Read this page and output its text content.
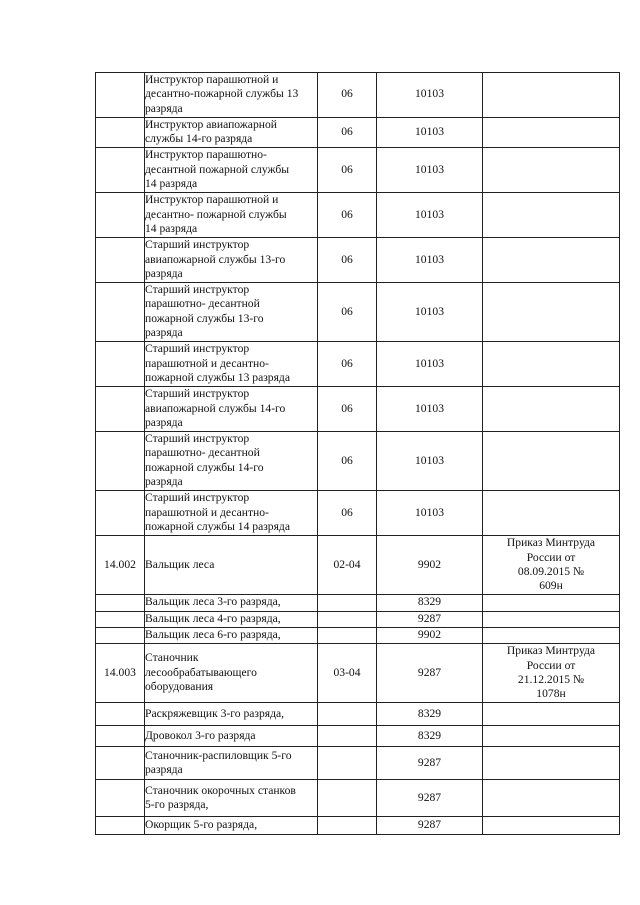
	Инструктор парашютной и
десантно-пожарной службы 13
разряда	06	10103	

	Инструктор авиапожарной
службы 14-го разряда	06	10103	

	Инструктор парашютно-
десантной пожарной службы
14 разряда	06	10103	

	Инструктор парашютной и
десантно- пожарной службы
14 разряда	06	10103	

	Старший инструктор
авиапожарной службы 13-го
разряда	06	10103	

	Старший инструктор
парашютно- десантной
пожарной службы 13-го
разряда	06	10103	

	Старший инструктор
парашютной и десантно-
пожарной службы 13 разряда	06	10103	

	Старший инструктор
авиапожарной службы 14-го
разряда	06	10103	

	Старший инструктор
парашютно- десантной
пожарной службы 14-го
разряда	06	10103	

	Старший инструктор
парашютной и десантно-
пожарной службы 14 разряда	06	10103	

14.002	Вальщик леса	02-04	9902	Приказ Минтруда
России от
08.09.2015 №
609н

	Вальщик леса 3-го разряда,		8329	

	Вальщик леса 4-го разряда,		9287	

	Вальщик леса 6-го разряда,		9902	

14.003	Станочник
лесообрабатывающего
оборудования	03-04	9287	Приказ Минтруда
России от
21.12.2015 №
1078н

	Раскряжевщик 3-го разряда,		8329	

	Дровокол 3-го разряда		8329	

	Станочник-распиловщик 5-го
разряда		9287	

	Станочник окорочных станков
5-го разряда,		9287	

	Окорщик 5-го разряда,		9287	
